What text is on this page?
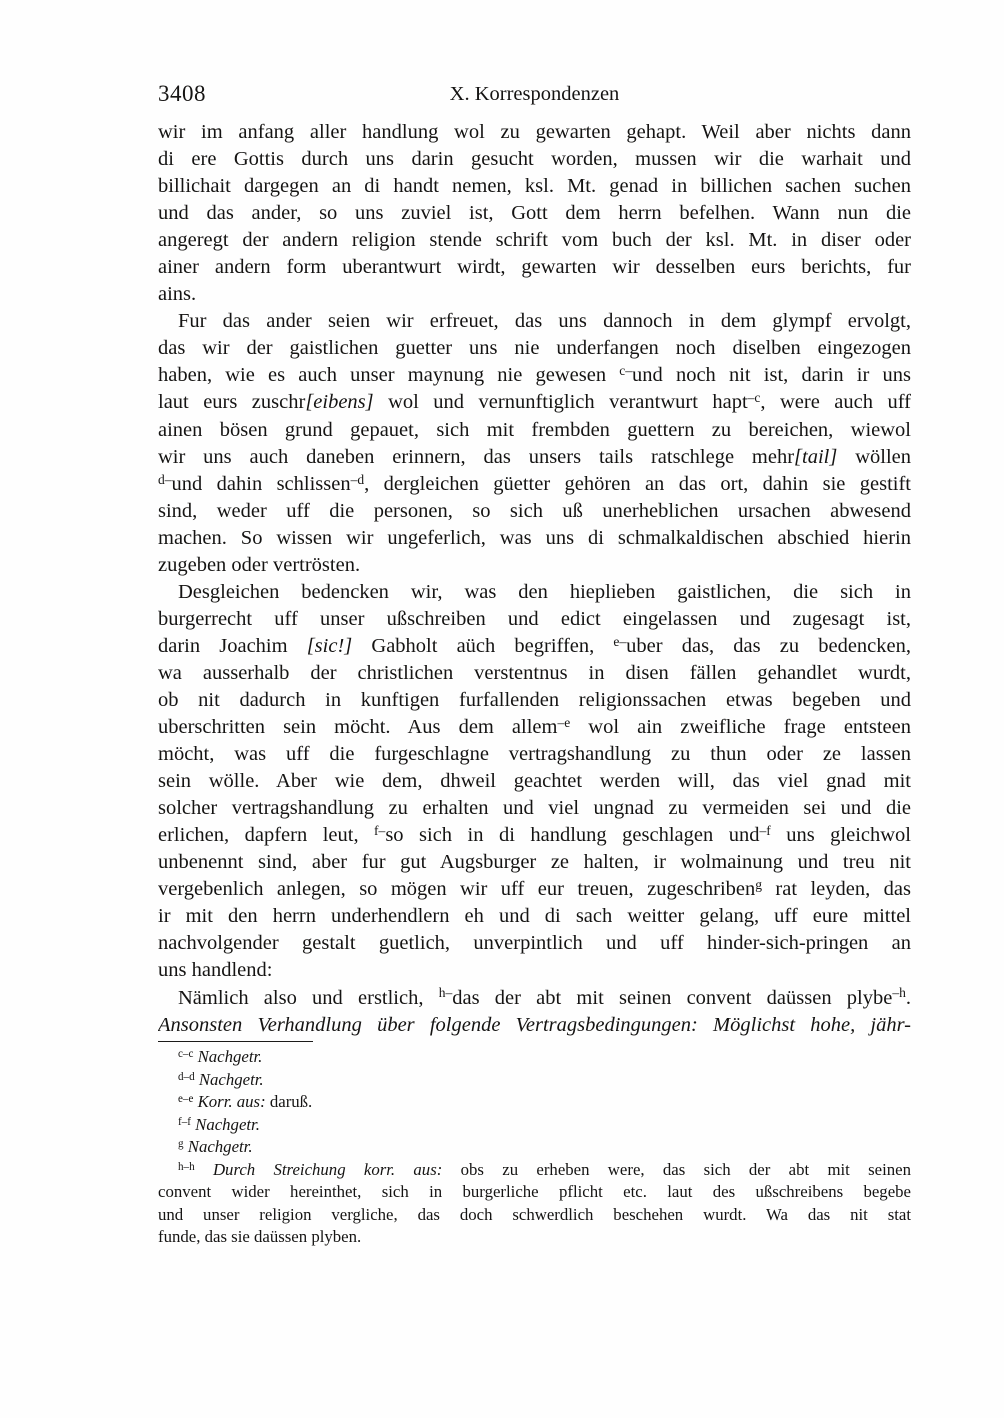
3408	X. Korrespondenzen
wir im anfang aller handlung wol zu gewarten gehapt. Weil aber nichts dann
di ere Gottis durch uns darin gesucht worden, mussen wir die warhait und
billichait dargegen an di handt nemen, ksl. Mt. genad in billichen sachen suchen
und das ander, so uns zuviel ist, Gott dem herrn befelhen. Wann nun die
angeregt der andern religion stende schrift vom buch der ksl. Mt. in diser oder
ainer andern form uberantwurt wirdt, gewarten wir desselben eurs berichts, fur
ains.
Fur das ander seien wir erfreuet, das uns dannoch in dem glympf ervolgt,
das wir der gaistlichen guetter uns nie underfangen noch diselben eingezogen
haben, wie es auch unser maynung nie gewesen $^{c-}$und noch nit ist, darin ir uns
laut eurs zuschr[eibens] wol und vernunftiglich verantwurt hapt$^{-c}$, were auch uff
ainen bösen grund gepauet, sich mit frembden guettern zu bereichen, wiewol
wir uns auch daneben erinnern, das unsers tails ratschlege mehr[tail] wöllen
$^{d-}$und dahin schlissen$^{-d}$, dergleichen güetter gehören an das ort, dahin sie gestift
sind, weder uff die personen, so sich uß unerheblichen ursachen abwesend
machen. So wissen wir ungeferlich, was uns di schmalkaldischen abschied hierin
zugeben oder vertrösten.
Desgleichen bedencken wir, was den hieplieben gaistlichen, die sich in
burgerrecht uff unser ußschreiben und edict eingelassen und zugesagt ist,
darin Joachim [sic!] Gabholt aüch begriffen, $^{e-}$uber das, das zu bedencken,
wa ausserhalb der christlichen verstentnus in disen fällen gehandlet wurdt,
ob nit dadurch in kunftigen furfallenden religionssachen etwas begeben und
uberschritten sein möcht. Aus dem allem$^{-e}$ wol ain zweifliche frage entsteen
möcht, was uff die furgeschlagne vertragshandlung zu thun oder ze lassen
sein wölle. Aber wie dem, dhweil geachtet werden will, das viel gnad mit
solcher vertragshandlung zu erhalten und viel ungnad zu vermeiden sei und die
erlichen, dapfern leut, $^{f-}$so sich in di handlung geschlagen und$^{-f}$ uns gleichwol
unbenennt sind, aber fur gut Augsburger ze halten, ir wolmainung und treu nit
vergebenlich anlegen, so mögen wir uff eur treuen, zugeschriben$^g$ rat leyden, das
ir mit den herrn underhendlern eh und di sach weitter gelang, uff eure mittel
nachvolgender gestalt guetlich, unverpintlich und uff hinder-sich-pringen an
uns handlend:
Nämlich also und erstlich, $^{h-}$das der abt mit seinen convent daüssen plybe$^{-h}$.
Ansonsten Verhandlung über folgende Vertragsbedingungen: Möglichst hohe, jähr-
$^{c-c}$ Nachgetr.
$^{d-d}$ Nachgetr.
$^{e-e}$ Korr. aus: daruß.
$^{f-f}$ Nachgetr.
$^g$ Nachgetr.
$^{h-h}$ Durch Streichung korr. aus: obs zu erheben were, das sich der abt mit seinen
convent wider hereinthet, sich in burgerliche pflicht etc. laut des ußschreibens begebe
und unser religion vergliche, das doch schwerdlich beschehen wurdt. Wa das nit stat
funde, das sie daüssen plyben.
